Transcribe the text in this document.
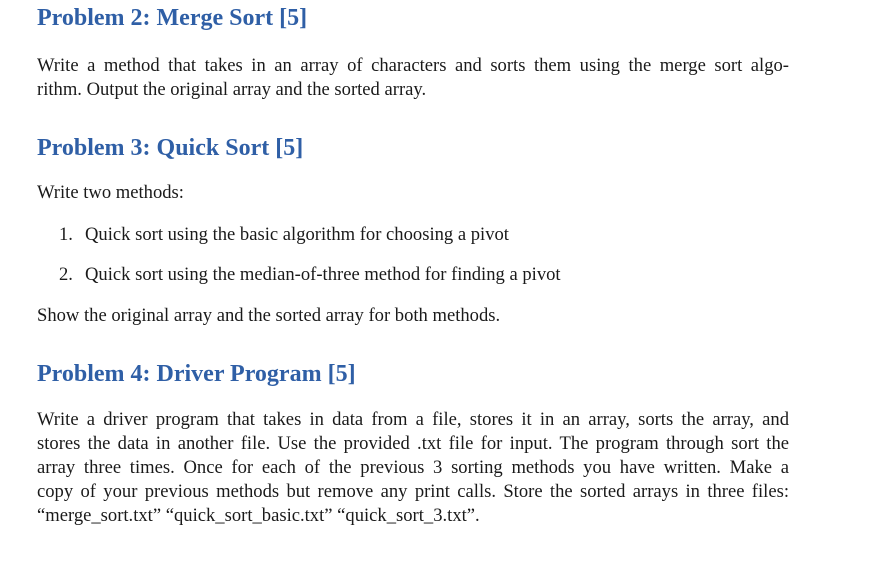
Problem 2: Merge Sort [5]

Write a method that takes in an array of characters and sorts them using the merge sort algo-
rithm. Output the original array and the sorted array.

Problem 3: Quick Sort [5]

Write two methods:

1. Quick sort using the basic algorithm for choosing a pivot
2. Quick sort using the median-of-three method for finding a pivot

Show the original array and the sorted array for both methods.

Problem 4: Driver Program [5]

Write a driver program that takes in data from a file, stores it in an array, sorts the array, and
stores the data in another file. Use the provided .txt file for input. The program through sort the
array three times. Once for each of the previous 3 sorting methods you have written. Make a
copy of your previous methods but remove any print calls. Store the sorted arrays in three files:
“merge_sort.txt” “quick_sort_basic.txt” “quick_sort_3.txt”.
